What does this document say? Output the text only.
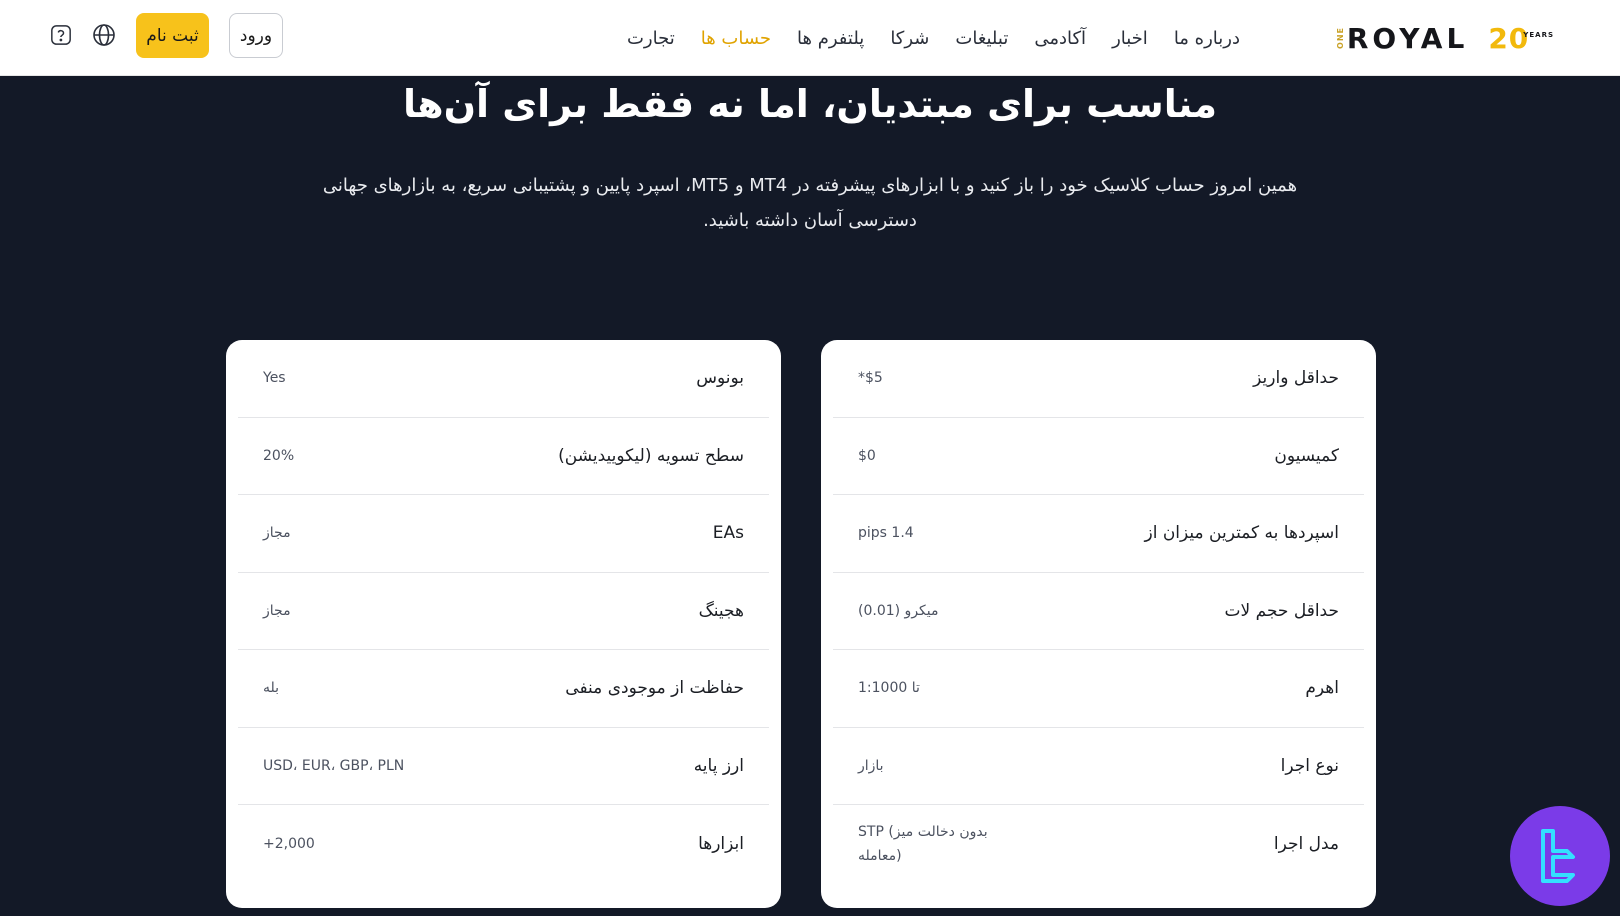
ONE ROYAL 20
YEARS
تجارت حساب ها پلتفرم ها شرکا تبلیغات آکادمی اخبار درباره ما
ورود
ثبت نام
مناسب برای مبتدیان، اما نه فقط برای آن‌ها

همین امروز حساب کلاسیک خود را باز کنید و با ابزارهای پیشرفته در MT4 و MT5، اسپرد پایین و پشتیبانی سریع، به بازارهای جهانی دسترسی آسان داشته باشید.

حداقل واریز
*$5
کمیسیون
$0
اسپردها به کمترین میزان از
pips 1.4
حداقل حجم لات
میکرو (0.01)
اهرم
تا 1:1000
نوع اجرا
بازار
مدل اجرا
STP (بدون دخالت میز معامله)
بونوس
Yes
سطح تسویه (لیکوییدیشن)
20%
EAs
مجاز
هجینگ
مجاز
حفاظت از موجودی منفی
بله
ارز پایه
USD، EUR، GBP، PLN
ابزارها
+2,000
